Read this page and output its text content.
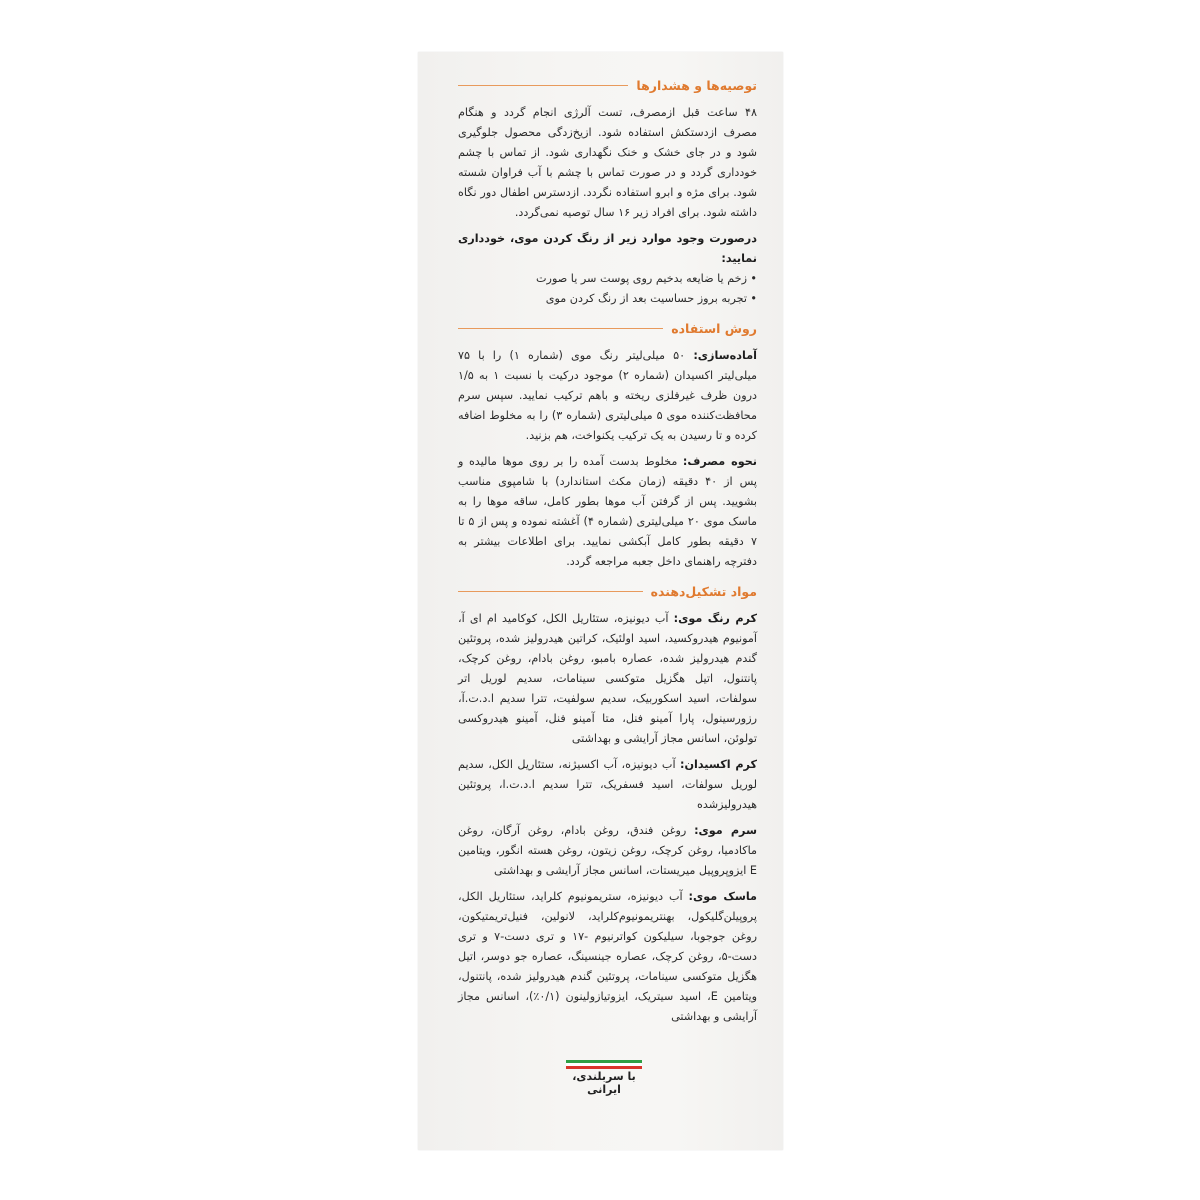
توصیه‌ها و هشدارها

۴۸ ساعت قبل ازمصرف، تست آلرژی انجام گردد و هنگام مصرف ازدستکش استفاده شود. ازیخ‌زدگی محصول جلوگیری شود و در جای خشک و خنک نگهداری شود. از تماس با چشم خودداری گردد و در صورت تماس با چشم با آب فراوان شسته شود. برای مژه و ابرو استفاده نگردد. ازدسترس اطفال دور نگاه داشته شود. برای افراد زیر ۱۶ سال توصیه نمی‌گردد.

درصورت وجود موارد زیر از رنگ کردن موی، خودداری نمایید:
•
زخم یا ضایعه بدخیم روی پوست سر یا صورت
•
تجربه بروز حساسیت بعد از رنگ کردن موی
روش استفاده

آماده‌سازی: ۵۰ میلی‌لیتر رنگ موی (شماره ۱) را با ۷۵ میلی‌لیتر اکسیدان (شماره ۲) موجود درکیت با نسبت ۱ به ۱/۵ درون ظرف غیرفلزی ریخته و باهم ترکیب نمایید. سپس سرم محافظت‌کننده موی ۵ میلی‌لیتری (شماره ۳) را به مخلوط اضافه کرده و تا رسیدن به یک ترکیب یکنواخت، هم بزنید.

نحوه مصرف: مخلوط بدست آمده را بر روی موها مالیده و پس از ۴۰ دقیقه (زمان مکث استاندارد) با شامپوی مناسب بشویید. پس از گرفتن آب موها بطور کامل، ساقه موها را به ماسک موی ۲۰ میلی‌لیتری (شماره ۴) آغشته نموده و پس از ۵ تا ۷ دقیقه بطور کامل آبکشی نمایید. برای اطلاعات بیشتر به دفترچه راهنمای داخل جعبه مراجعه گردد.

مواد تشکیل‌دهنده

کرم رنگ موی: آب دیونیزه، ستئاریل الکل، کوکامید ام ای آ، آمونیوم هیدروکسید، اسید اولئیک، کراتین هیدرولیز شده، پروتئین گندم هیدرولیز شده، عصاره بامبو، روغن بادام، روغن کرچک، پانتنول، اتیل هگزیل متوکسی سینامات، سدیم لوریل اتر سولفات، اسید اسکوربیک، سدیم سولفیت، تترا سدیم ا.د.ت.آ، رزورسینول، پارا آمینو فنل، متا آمینو فنل، آمینو هیدروکسی تولوئن، اسانس مجاز آرایشی و بهداشتی

کرم اکسیدان: آب دیونیزه، آب اکسیژنه، ستئاریل الکل، سدیم لوریل سولفات، اسید فسفریک، تترا سدیم ا.د.ت.ا، پروتئین هیدرولیزشده

سرم موی: روغن فندق، روغن بادام، روغن آرگان، روغن ماکادمیا، روغن کرچک، روغن زیتون، روغن هسته انگور، ویتامین E ایزوپروپیل میریستات، اسانس مجاز آرایشی و بهداشتی

ماسک موی: آب دیونیزه، ستریمونیوم کلراید، ستئاریل الکل، پروپیلن‌گلیکول، بهنتریمونیوم‌کلراید، لانولین، فنیل‌تریمتیکون، روغن جوجوبا، سیلیکون کواترنیوم -۱۷ و تری دست-۷ و تری دست-۵، روغن کرچک، عصاره جینسینگ، عصاره جو دوسر، اتیل هگزیل متوکسی سینامات، پروتئین گندم هیدرولیز شده، پانتنول، ویتامین E، اسید سیتریک، ایزوتیازولینون (۰/۱٪)، اسانس مجاز آرایشی و بهداشتی

با سربلندی، ایرانی
